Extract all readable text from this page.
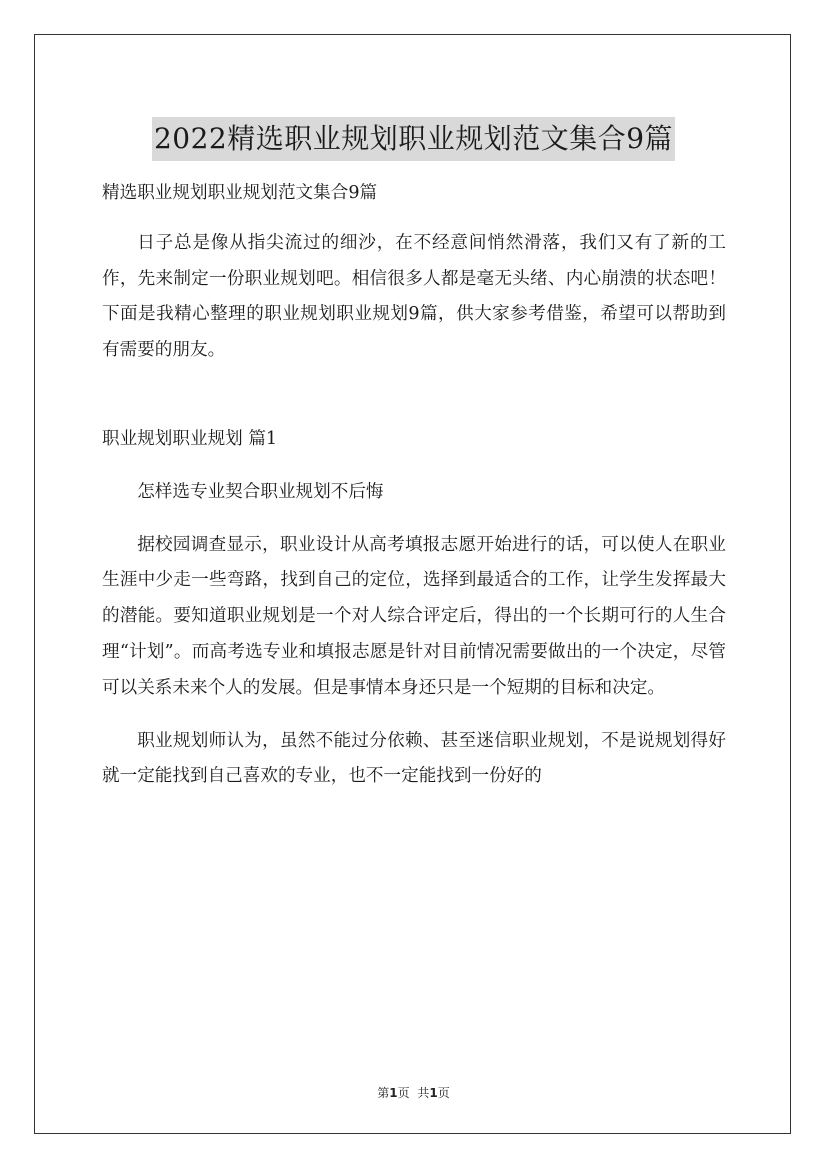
2022精选职业规划职业规划范文集合9篇

精选职业规划职业规划范文集合9篇

日子总是像从指尖流过的细沙，在不经意间悄然滑落，我们又有了新的工作，先来制定一份职业规划吧。相信很多人都是毫无头绪、内心崩溃的状态吧！下面是我精心整理的职业规划职业规划9篇，供大家参考借鉴，希望可以帮助到有需要的朋友。

职业规划职业规划 篇1

怎样选专业契合职业规划不后悔

据校园调查显示，职业设计从高考填报志愿开始进行的话，可以使人在职业生涯中少走一些弯路，找到自己的定位，选择到最适合的工作，让学生发挥最大的潜能。要知道职业规划是一个对人综合评定后，得出的一个长期可行的人生合理“计划”。而高考选专业和填报志愿是针对目前情况需要做出的一个决定，尽管可以关系未来个人的发展。但是事情本身还只是一个短期的目标和决定。

职业规划师认为，虽然不能过分依赖、甚至迷信职业规划，不是说规划得好就一定能找到自己喜欢的专业，也不一定能找到一份好的

第1页 共1页
